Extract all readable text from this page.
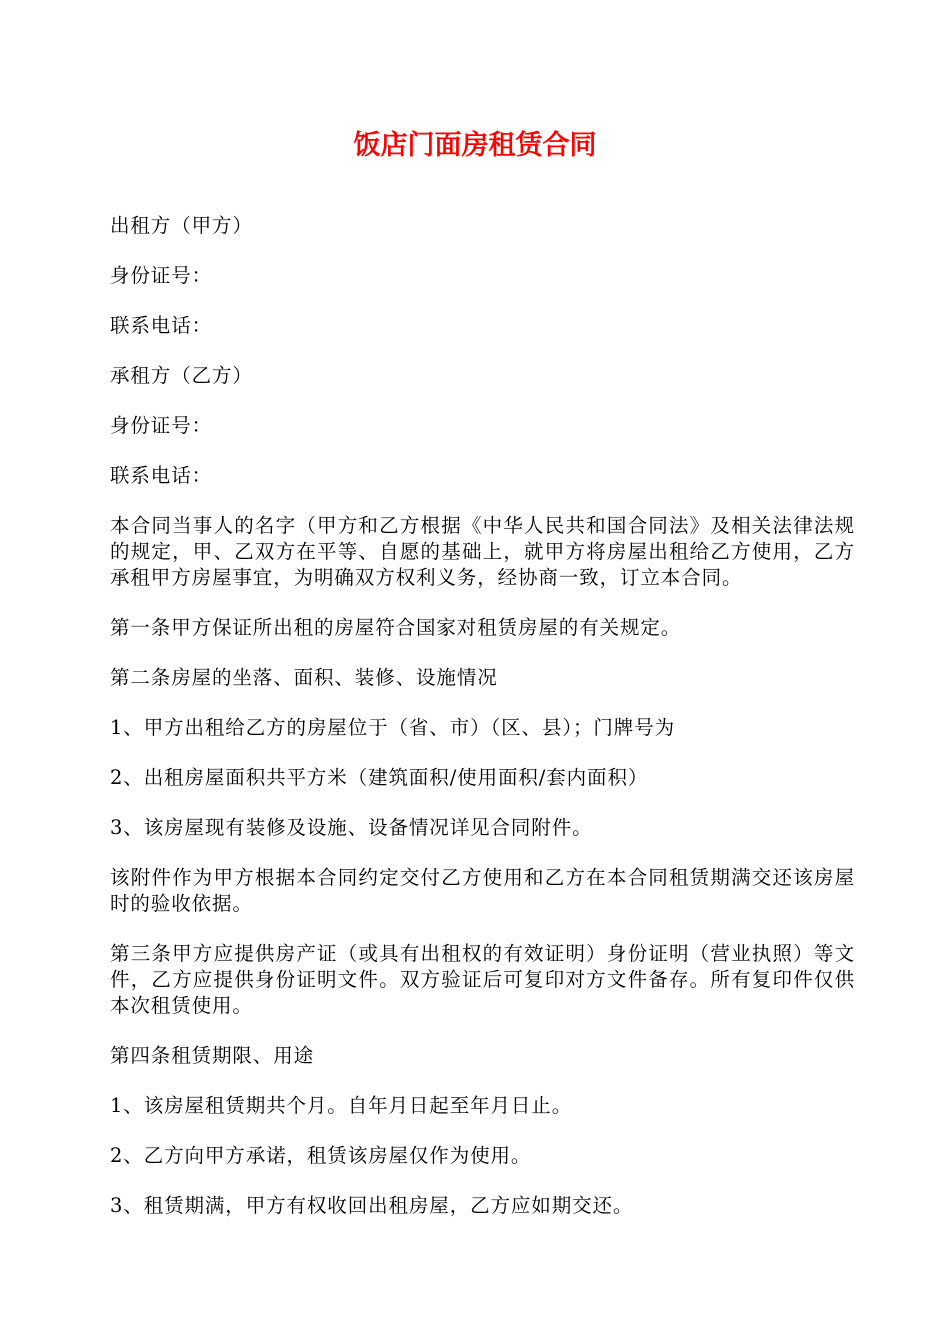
饭店门面房租赁合同

出租方（甲方）

身份证号：

联系电话：

承租方（乙方）

身份证号：

联系电话：

本合同当事人的名字（甲方和乙方根据《中华人民共和国合同法》及相关法律法规的规定，甲、乙双方在平等、自愿的基础上，就甲方将房屋出租给乙方使用，乙方承租甲方房屋事宜，为明确双方权利义务，经协商一致，订立本合同。

第一条甲方保证所出租的房屋符合国家对租赁房屋的有关规定。

第二条房屋的坐落、面积、装修、设施情况

1、甲方出租给乙方的房屋位于（省、市）（区、县）；门牌号为

2、出租房屋面积共平方米（建筑面积/使用面积/套内面积）

3、该房屋现有装修及设施、设备情况详见合同附件。

该附件作为甲方根据本合同约定交付乙方使用和乙方在本合同租赁期满交还该房屋时的验收依据。

第三条甲方应提供房产证（或具有出租权的有效证明）身份证明（营业执照）等文件，乙方应提供身份证明文件。双方验证后可复印对方文件备存。所有复印件仅供本次租赁使用。

第四条租赁期限、用途

1、该房屋租赁期共个月。自年月日起至年月日止。

2、乙方向甲方承诺，租赁该房屋仅作为使用。

3、租赁期满，甲方有权收回出租房屋，乙方应如期交还。
